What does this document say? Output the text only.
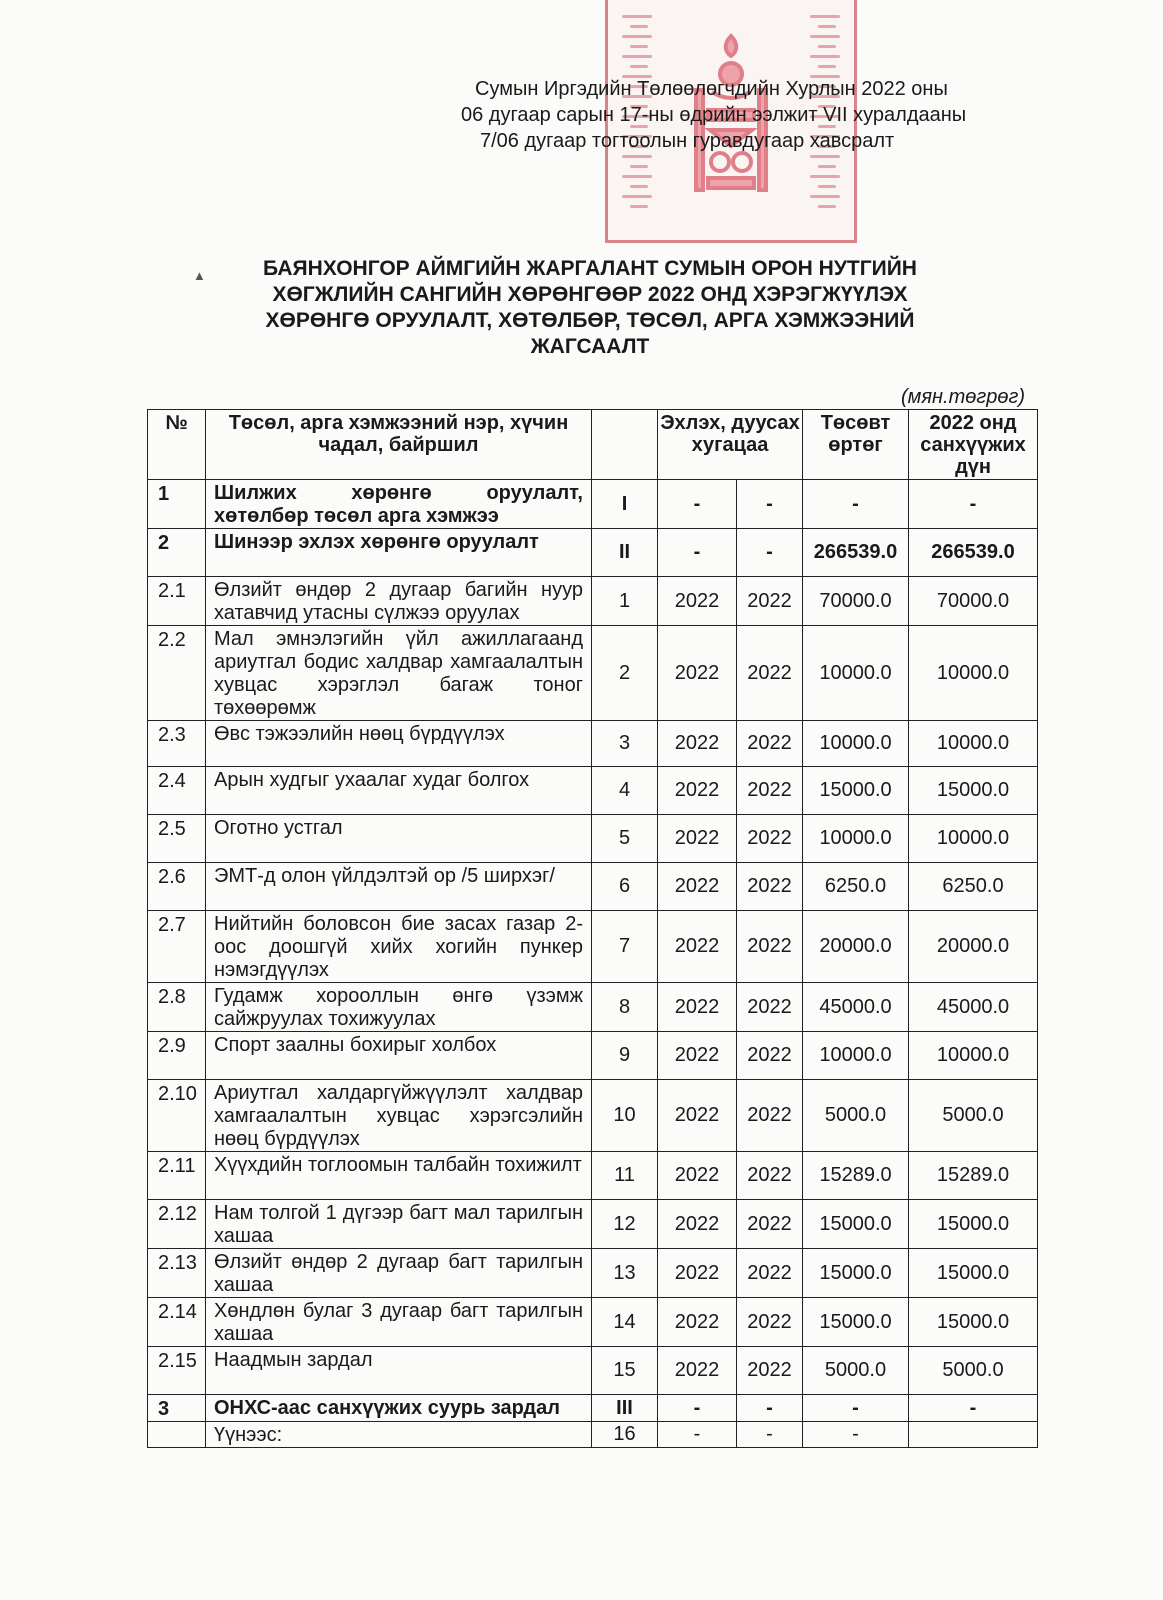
Сумын Иргэдийн Төлөөлөгчдийн Хурлын 2022 оны
06 дугаар сарын 17-ны өдрийн ээлжит VII хуралдааны
7/06 дугаар тогтоолын гуравдугаар хавсралт
▲	БАЯНХОНГОР АЙМГИЙН ЖАРГАЛАНТ СУМЫН ОРОН НУТГИЙН ХӨГЖЛИЙН САНГИЙН ХӨРӨНГӨӨР 2022 ОНД ХЭРЭГЖҮҮЛЭХ ХӨРӨНГӨ ОРУУЛАЛТ, ХӨТӨЛБӨР, ТӨСӨЛ, АРГА ХЭМЖЭЭНИЙ ЖАГСААЛТ
(мян.төгрөг)
№	Төсөл, арга хэмжээний нэр, хүчин чадал, байршил		Эхлэх, дуусах хугацаа		Төсөвт өртөг	2022 онд санхүүжих дүн
1	Шилжих хөрөнгө оруулалт, хөтөлбөр төсөл арга хэмжээ	I	-	-	-	-
2	Шинээр эхлэх хөрөнгө оруулалт	II	-	-	266539.0	266539.0
2.1	Өлзийт өндөр 2 дугаар багийн нуур хатавчид утасны сүлжээ оруулах	1	2022	2022	70000.0	70000.0
2.2	Мал эмнэлэгийн үйл ажиллагаанд ариутгал бодис халдвар хамгаалалтын хувцас хэрэглэл багаж тоног төхөөрөмж	2	2022	2022	10000.0	10000.0
2.3	Өвс тэжээлийн нөөц бүрдүүлэх	3	2022	2022	10000.0	10000.0
2.4	Арын худгыг ухаалаг худаг болгох	4	2022	2022	15000.0	15000.0
2.5	Оготно устгал	5	2022	2022	10000.0	10000.0
2.6	ЭМТ-д олон үйлдэлтэй ор /5 ширхэг/	6	2022	2022	6250.0	6250.0
2.7	Нийтийн боловсон бие засах газар 2-оос доошгүй хийх хогийн пункер нэмэгдүүлэх	7	2022	2022	20000.0	20000.0
2.8	Гудамж хорооллын өнгө үзэмж сайжруулах тохижуулах	8	2022	2022	45000.0	45000.0
2.9	Спорт заалны бохирыг холбох	9	2022	2022	10000.0	10000.0
2.10	Ариутгал халдаргүйжүүлэлт халдвар хамгаалалтын хувцас хэрэгсэлийн нөөц бүрдүүлэх	10	2022	2022	5000.0	5000.0
2.11	Хүүхдийн тоглоомын талбайн тохижилт	11	2022	2022	15289.0	15289.0
2.12	Нам толгой 1 дүгээр багт мал тарилгын хашаа	12	2022	2022	15000.0	15000.0
2.13	Өлзийт өндөр 2 дугаар багт тарилгын хашаа	13	2022	2022	15000.0	15000.0
2.14	Хөндлөн булаг 3 дугаар багт тарилгын хашаа	14	2022	2022	15000.0	15000.0
2.15	Наадмын зардал	15	2022	2022	5000.0	5000.0
3	ОНХС-аас санхүүжих суурь зардал	III	-	-	-	-
	Үүнээс:	16	-	-	-	
